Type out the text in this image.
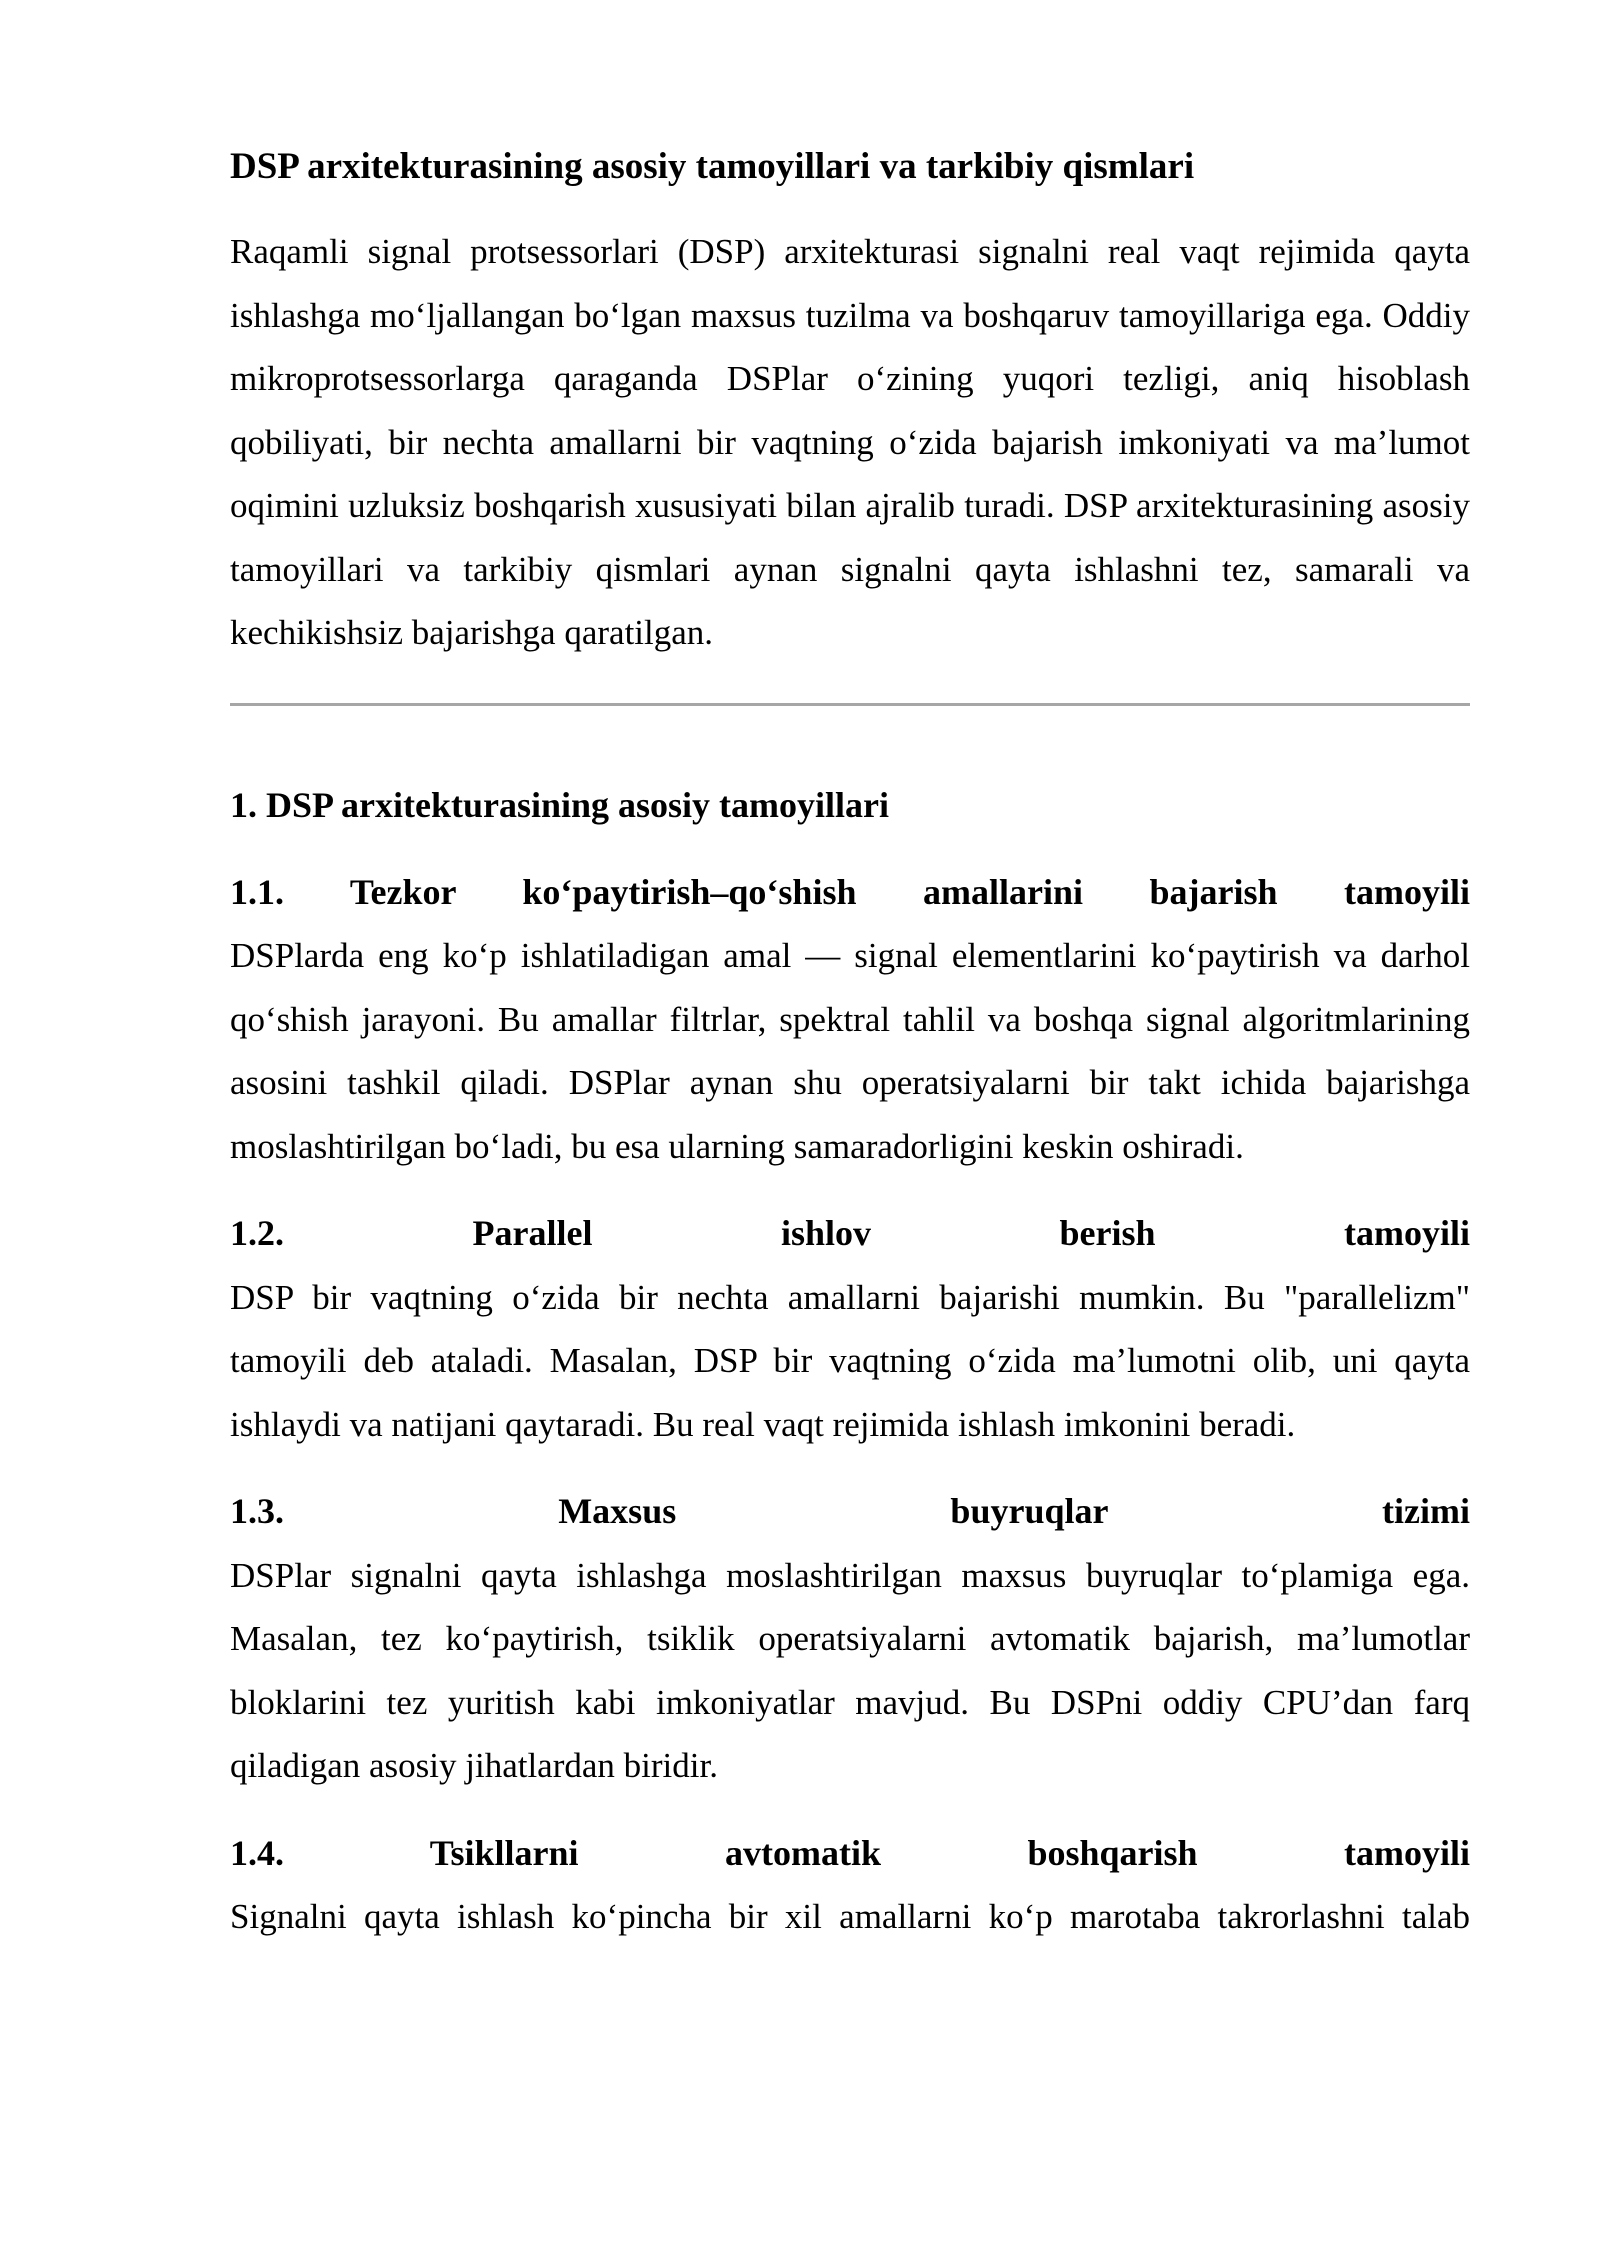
DSP arxitekturasining asosiy tamoyillari va tarkibiy qismlari

Raqamli signal protsessorlari (DSP) arxitekturasi signalni real vaqt rejimida qayta ishlashga mo‘ljallangan bo‘lgan maxsus tuzilma va boshqaruv tamoyillariga ega. Oddiy mikroprotsessorlarga qaraganda DSPlar o‘zining yuqori tezligi, aniq hisoblash qobiliyati, bir nechta amallarni bir vaqtning o‘zida bajarish imkoniyati va ma’lumot oqimini uzluksiz boshqarish xususiyati bilan ajralib turadi. DSP arxitekturasining asosiy tamoyillari va tarkibiy qismlari aynan signalni qayta ishlashni tez, samarali va kechikishsiz bajarishga qaratilgan.

1. DSP arxitekturasining asosiy tamoyillari
1.1. Tezkor ko‘paytirish–qo‘shish amallarini bajarish tamoyili

DSPlarda eng ko‘p ishlatiladigan amal — signal elementlarini ko‘paytirish va darhol qo‘shish jarayoni. Bu amallar filtrlar, spektral tahlil va boshqa signal algoritmlarining asosini tashkil qiladi. DSPlar aynan shu operatsiyalarni bir takt ichida bajarishga moslashtirilgan bo‘ladi, bu esa ularning samaradorligini keskin oshiradi.

1.2. Parallel ishlov berish tamoyili

DSP bir vaqtning o‘zida bir nechta amallarni bajarishi mumkin. Bu "parallelizm" tamoyili deb ataladi. Masalan, DSP bir vaqtning o‘zida ma’lumotni olib, uni qayta ishlaydi va natijani qaytaradi. Bu real vaqt rejimida ishlash imkonini beradi.

1.3. Maxsus buyruqlar tizimi

DSPlar signalni qayta ishlashga moslashtirilgan maxsus buyruqlar to‘plamiga ega. Masalan, tez ko‘paytirish, tsiklik operatsiyalarni avtomatik bajarish, ma’lumotlar bloklarini tez yuritish kabi imkoniyatlar mavjud. Bu DSPni oddiy CPU’dan farq qiladigan asosiy jihatlardan biridir.

1.4. Tsikllarni avtomatik boshqarish tamoyili

Signalni qayta ishlash ko‘pincha bir xil amallarni ko‘p marotaba takrorlashni talab
